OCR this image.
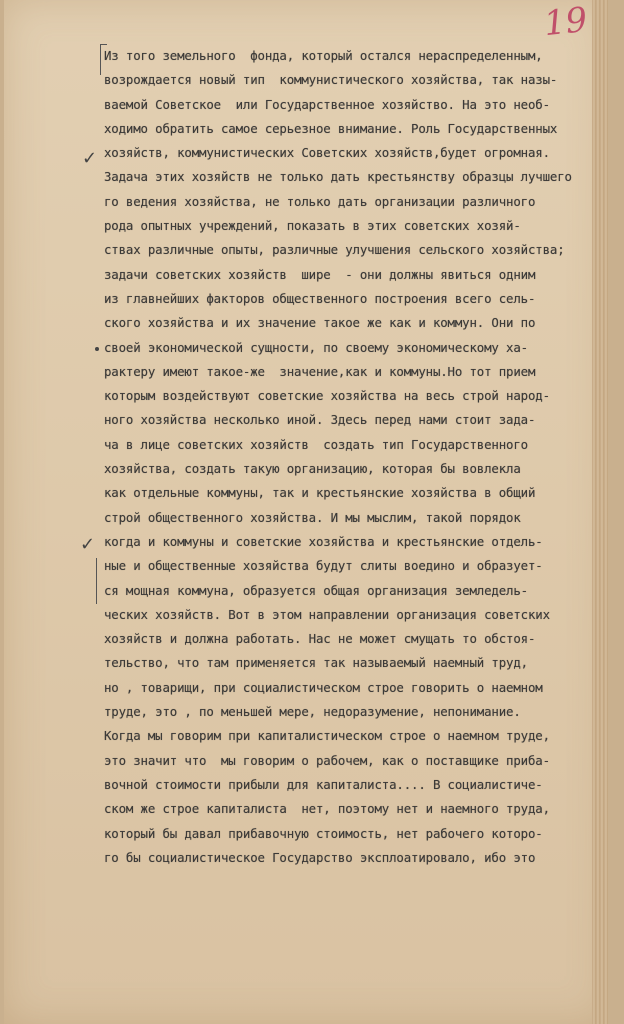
19
✓
✓
Из того земельного  фонда, который остался нераспределенным,
возрождается новый тип  коммунистического хозяйства, так назы-
ваемой Советское  или Государственное хозяйство. На это необ-
ходимо обратить самое серьезное внимание. Роль Государственных
хозяйств, коммунистических Советских хозяйств,будет огромная.
Задача этих хозяйств не только дать крестьянству образцы лучшего
го ведения хозяйства, не только дать организации различного
рода опытных учреждений, показать в этих советских хозяй-
ствах различные опыты, различные улучшения сельского хозяйства;
задачи советских хозяйств  шире  - они должны явиться одним
из главнейших факторов общественного построения всего сель-
ского хозяйства и их значение такое же как и коммун. Они по
своей экономической сущности, по своему экономическому ха-
рактеру имеют такое-же  значение,как и коммуны.Но тот прием
которым воздействуют советские хозяйства на весь строй народ-
ного хозяйства несколько иной. Здесь перед нами стоит зада-
ча в лице советских хозяйств  создать тип Государственного
хозяйства, создать такую организацию, которая бы вовлекла
как отдельные коммуны, так и крестьянские хозяйства в общий
строй общественного хозяйства. И мы мыслим, такой порядок
когда и коммуны и советские хозяйства и крестьянские отдель-
ные и общественные хозяйства будут слиты воедино и образует-
ся мощная коммуна, образуется общая организация земледель-
ческих хозяйств. Вот в этом направлении организация советских
хозяйств и должна работать. Нас не может смущать то обстоя-
тельство, что там применяется так называемый наемный труд,
но , товарищи, при социалистическом строе говорить о наемном
труде, это , по меньшей мере, недоразумение, непонимание.
Когда мы говорим при капиталистическом строе о наемном труде,
это значит что  мы говорим о рабочем, как о поставщике приба-
вочной стоимости прибыли для капиталиста.... В социалистиче-
ском же строе капиталиста  нет, поэтому нет и наемного труда,
который бы давал прибавочную стоимость, нет рабочего которо-
го бы социалистическое Государство эксплоатировало, ибо это
